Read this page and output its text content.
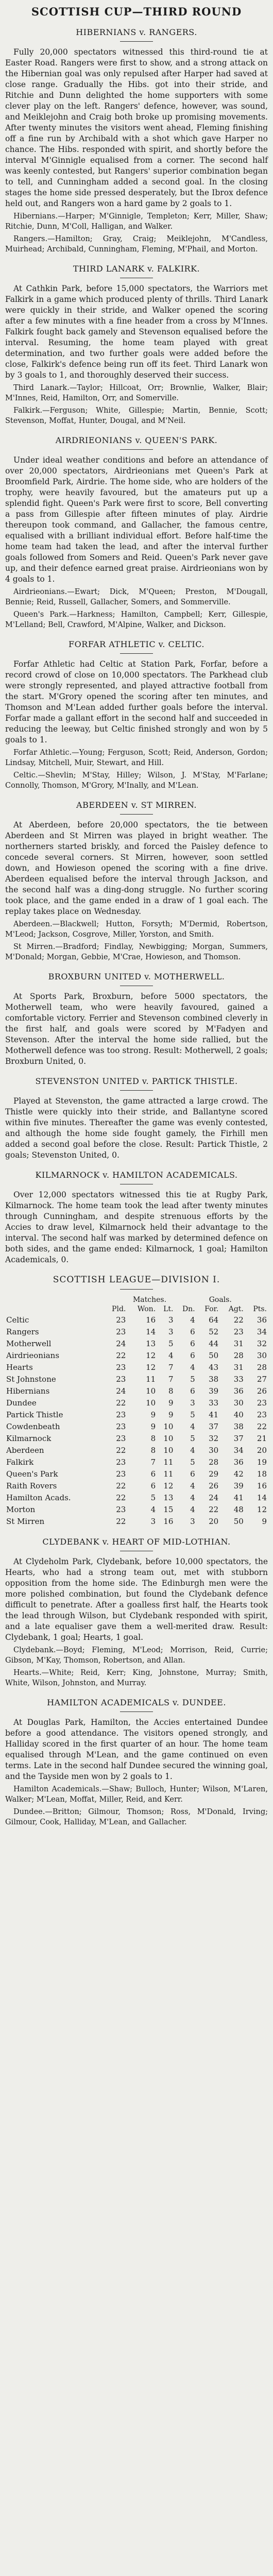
SCOTTISH CUP—THIRD ROUND
HIBERNIANS v. RANGERS.

Fully 20,000 spectators witnessed this third-round tie at Easter Road. Rangers were first to show, and a strong attack on the Hibernian goal was only repulsed after Harper had saved at close range. Gradually the Hibs. got into their stride, and Ritchie and Dunn delighted the home supporters with some clever play on the left. Rangers' defence, however, was sound, and Meiklejohn and Craig both broke up promising movements. After twenty minutes the visitors went ahead, Fleming finishing off a fine run by Archibald with a shot which gave Harper no chance. The Hibs. responded with spirit, and shortly before the interval M'Ginnigle equalised from a corner. The second half was keenly contested, but Rangers' superior combination began to tell, and Cunningham added a second goal. In the closing stages the home side pressed desperately, but the Ibrox defence held out, and Rangers won a hard game by 2 goals to 1.

Hibernians.—Harper; M'Ginnigle, Templeton; Kerr, Miller, Shaw; Ritchie, Dunn, M'Coll, Halligan, and Walker.

Rangers.—Hamilton; Gray, Craig; Meiklejohn, M'Candless, Muirhead; Archibald, Cunningham, Fleming, M'Phail, and Morton.

THIRD LANARK v. FALKIRK.

At Cathkin Park, before 15,000 spectators, the Warriors met Falkirk in a game which produced plenty of thrills. Third Lanark were quickly in their stride, and Walker opened the scoring after a few minutes with a fine header from a cross by M'Innes. Falkirk fought back gamely and Stevenson equalised before the interval. Resuming, the home team played with great determination, and two further goals were added before the close, Falkirk's defence being run off its feet. Third Lanark won by 3 goals to 1, and thoroughly deserved their success.

Third Lanark.—Taylor; Hillcoat, Orr; Brownlie, Walker, Blair; M'Innes, Reid, Hamilton, Orr, and Somerville.

Falkirk.—Ferguson; White, Gillespie; Martin, Bennie, Scott; Stevenson, Moffat, Hunter, Dougal, and M'Neil.

AIRDRIEONIANS v. QUEEN'S PARK.

Under ideal weather conditions and before an attendance of over 20,000 spectators, Airdrieonians met Queen's Park at Broomfield Park, Airdrie. The home side, who are holders of the trophy, were heavily favoured, but the amateurs put up a splendid fight. Queen's Park were first to score, Bell converting a pass from Gillespie after fifteen minutes of play. Airdrie thereupon took command, and Gallacher, the famous centre, equalised with a brilliant individual effort. Before half-time the home team had taken the lead, and after the interval further goals followed from Somers and Reid. Queen's Park never gave up, and their defence earned great praise. Airdrieonians won by 4 goals to 1.

Airdrieonians.—Ewart; Dick, M'Queen; Preston, M'Dougall, Bennie; Reid, Russell, Gallacher, Somers, and Sommerville.

Queen's Park.—Harkness; Hamilton, Campbell; Kerr, Gillespie, M'Lelland; Bell, Crawford, M'Alpine, Walker, and Dickson.

FORFAR ATHLETIC v. CELTIC.

Forfar Athletic had Celtic at Station Park, Forfar, before a record crowd of close on 10,000 spectators. The Parkhead club were strongly represented, and played attractive football from the start. M'Grory opened the scoring after ten minutes, and Thomson and M'Lean added further goals before the interval. Forfar made a gallant effort in the second half and succeeded in reducing the leeway, but Celtic finished strongly and won by 5 goals to 1.

Forfar Athletic.—Young; Ferguson, Scott; Reid, Anderson, Gordon; Lindsay, Mitchell, Muir, Stewart, and Hill.

Celtic.—Shevlin; M'Stay, Hilley; Wilson, J. M'Stay, M'Farlane; Connolly, Thomson, M'Grory, M'Inally, and M'Lean.

ABERDEEN v. ST MIRREN.

At Aberdeen, before 20,000 spectators, the tie between Aberdeen and St Mirren was played in bright weather. The northerners started briskly, and forced the Paisley defence to concede several corners. St Mirren, however, soon settled down, and Howieson opened the scoring with a fine drive. Aberdeen equalised before the interval through Jackson, and the second half was a ding-dong struggle. No further scoring took place, and the game ended in a draw of 1 goal each. The replay takes place on Wednesday.

Aberdeen.—Blackwell; Hutton, Forsyth; M'Dermid, Robertson, M'Leod; Jackson, Cosgrove, Miller, Yorston, and Smith.

St Mirren.—Bradford; Findlay, Newbigging; Morgan, Summers, M'Donald; Morgan, Gebbie, M'Crae, Howieson, and Thomson.

BROXBURN UNITED v. MOTHERWELL.

At Sports Park, Broxburn, before 5000 spectators, the Motherwell team, who were heavily favoured, gained a comfortable victory. Ferrier and Stevenson combined cleverly in the first half, and goals were scored by M'Fadyen and Stevenson. After the interval the home side rallied, but the Motherwell defence was too strong. Result: Motherwell, 2 goals; Broxburn United, 0.

STEVENSTON UNITED v. PARTICK THISTLE.

Played at Stevenston, the game attracted a large crowd. The Thistle were quickly into their stride, and Ballantyne scored within five minutes. Thereafter the game was evenly contested, and although the home side fought gamely, the Firhill men added a second goal before the close. Result: Partick Thistle, 2 goals; Stevenston United, 0.

KILMARNOCK v. HAMILTON ACADEMICALS.

Over 12,000 spectators witnessed this tie at Rugby Park, Kilmarnock. The home team took the lead after twenty minutes through Cunningham, and despite strenuous efforts by the Accies to draw level, Kilmarnock held their advantage to the interval. The second half was marked by determined defence on both sides, and the game ended: Kilmarnock, 1 goal; Hamilton Academicals, 0.

SCOTTISH LEAGUE—DIVISION I.
	Matches.				Goals.		
	Pld.	Won.	Lt.	Dn.	For.	Agt.	Pts.
Celtic	23	16	3	4	64	22	36
Rangers	23	14	3	6	52	23	34
Motherwell	24	13	5	6	44	31	32
Airdrieonians	22	12	4	6	50	28	30
Hearts	23	12	7	4	43	31	28
St Johnstone	23	11	7	5	38	33	27
Hibernians	24	10	8	6	39	36	26
Dundee	22	10	9	3	33	30	23
Partick Thistle	23	9	9	5	41	40	23
Cowdenbeath	23	9	10	4	37	38	22
Kilmarnock	23	8	10	5	32	37	21
Aberdeen	22	8	10	4	30	34	20
Falkirk	23	7	11	5	28	36	19
Queen's Park	23	6	11	6	29	42	18
Raith Rovers	22	6	12	4	26	39	16
Hamilton Acads.	22	5	13	4	24	41	14
Morton	23	4	15	4	22	48	12
St Mirren	22	3	16	3	20	50	9
CLYDEBANK v. HEART OF MID-LOTHIAN.

At Clydeholm Park, Clydebank, before 10,000 spectators, the Hearts, who had a strong team out, met with stubborn opposition from the home side. The Edinburgh men were the more polished combination, but found the Clydebank defence difficult to penetrate. After a goalless first half, the Hearts took the lead through Wilson, but Clydebank responded with spirit, and a late equaliser gave them a well-merited draw. Result: Clydebank, 1 goal; Hearts, 1 goal.

Clydebank.—Boyd; Fleming, M'Leod; Morrison, Reid, Currie; Gibson, M'Kay, Thomson, Robertson, and Allan.

Hearts.—White; Reid, Kerr; King, Johnstone, Murray; Smith, White, Wilson, Johnston, and Murray.

HAMILTON ACADEMICALS v. DUNDEE.

At Douglas Park, Hamilton, the Accies entertained Dundee before a good attendance. The visitors opened strongly, and Halliday scored in the first quarter of an hour. The home team equalised through M'Lean, and the game continued on even terms. Late in the second half Dundee secured the winning goal, and the Tayside men won by 2 goals to 1.

Hamilton Academicals.—Shaw; Bulloch, Hunter; Wilson, M'Laren, Walker; M'Lean, Moffat, Miller, Reid, and Kerr.

Dundee.—Britton; Gilmour, Thomson; Ross, M'Donald, Irving; Gilmour, Cook, Halliday, M'Lean, and Gallacher.
